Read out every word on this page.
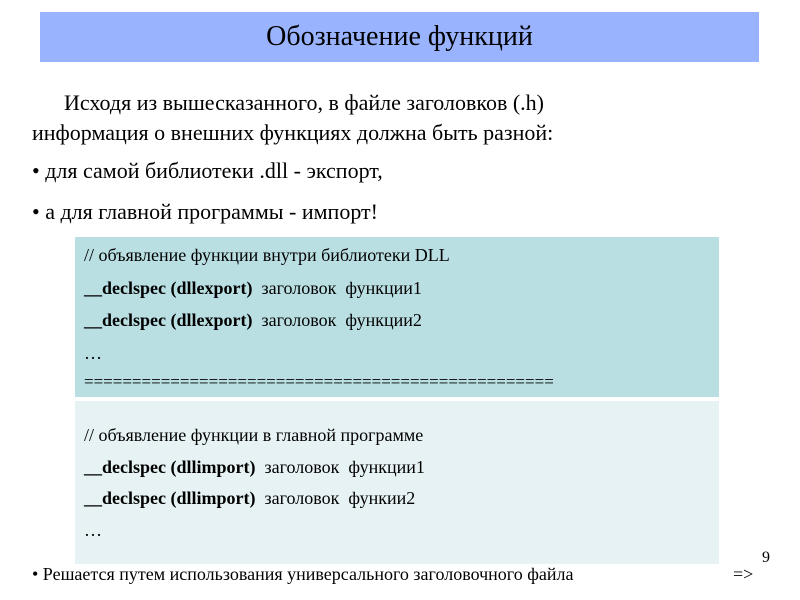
Обозначение функций
Исходя из вышесказанного, в файле заголовков (.h)
информация о внешних функциях должна быть разной:
• для самой библиотеки .dll - экспорт,
• а для главной программы - импорт!
// объявление функции внутри библиотеки DLL
__declspec (dllexport)  заголовок  функции1
__declspec (dllexport)  заголовок  функции2
…
=================================================
// объявление функции в главной программе
__declspec (dllimport)  заголовок  функции1
__declspec (dllimport)  заголовок  функии2
…
• Решается путем использования универсального заголовочного файла	=>
9
